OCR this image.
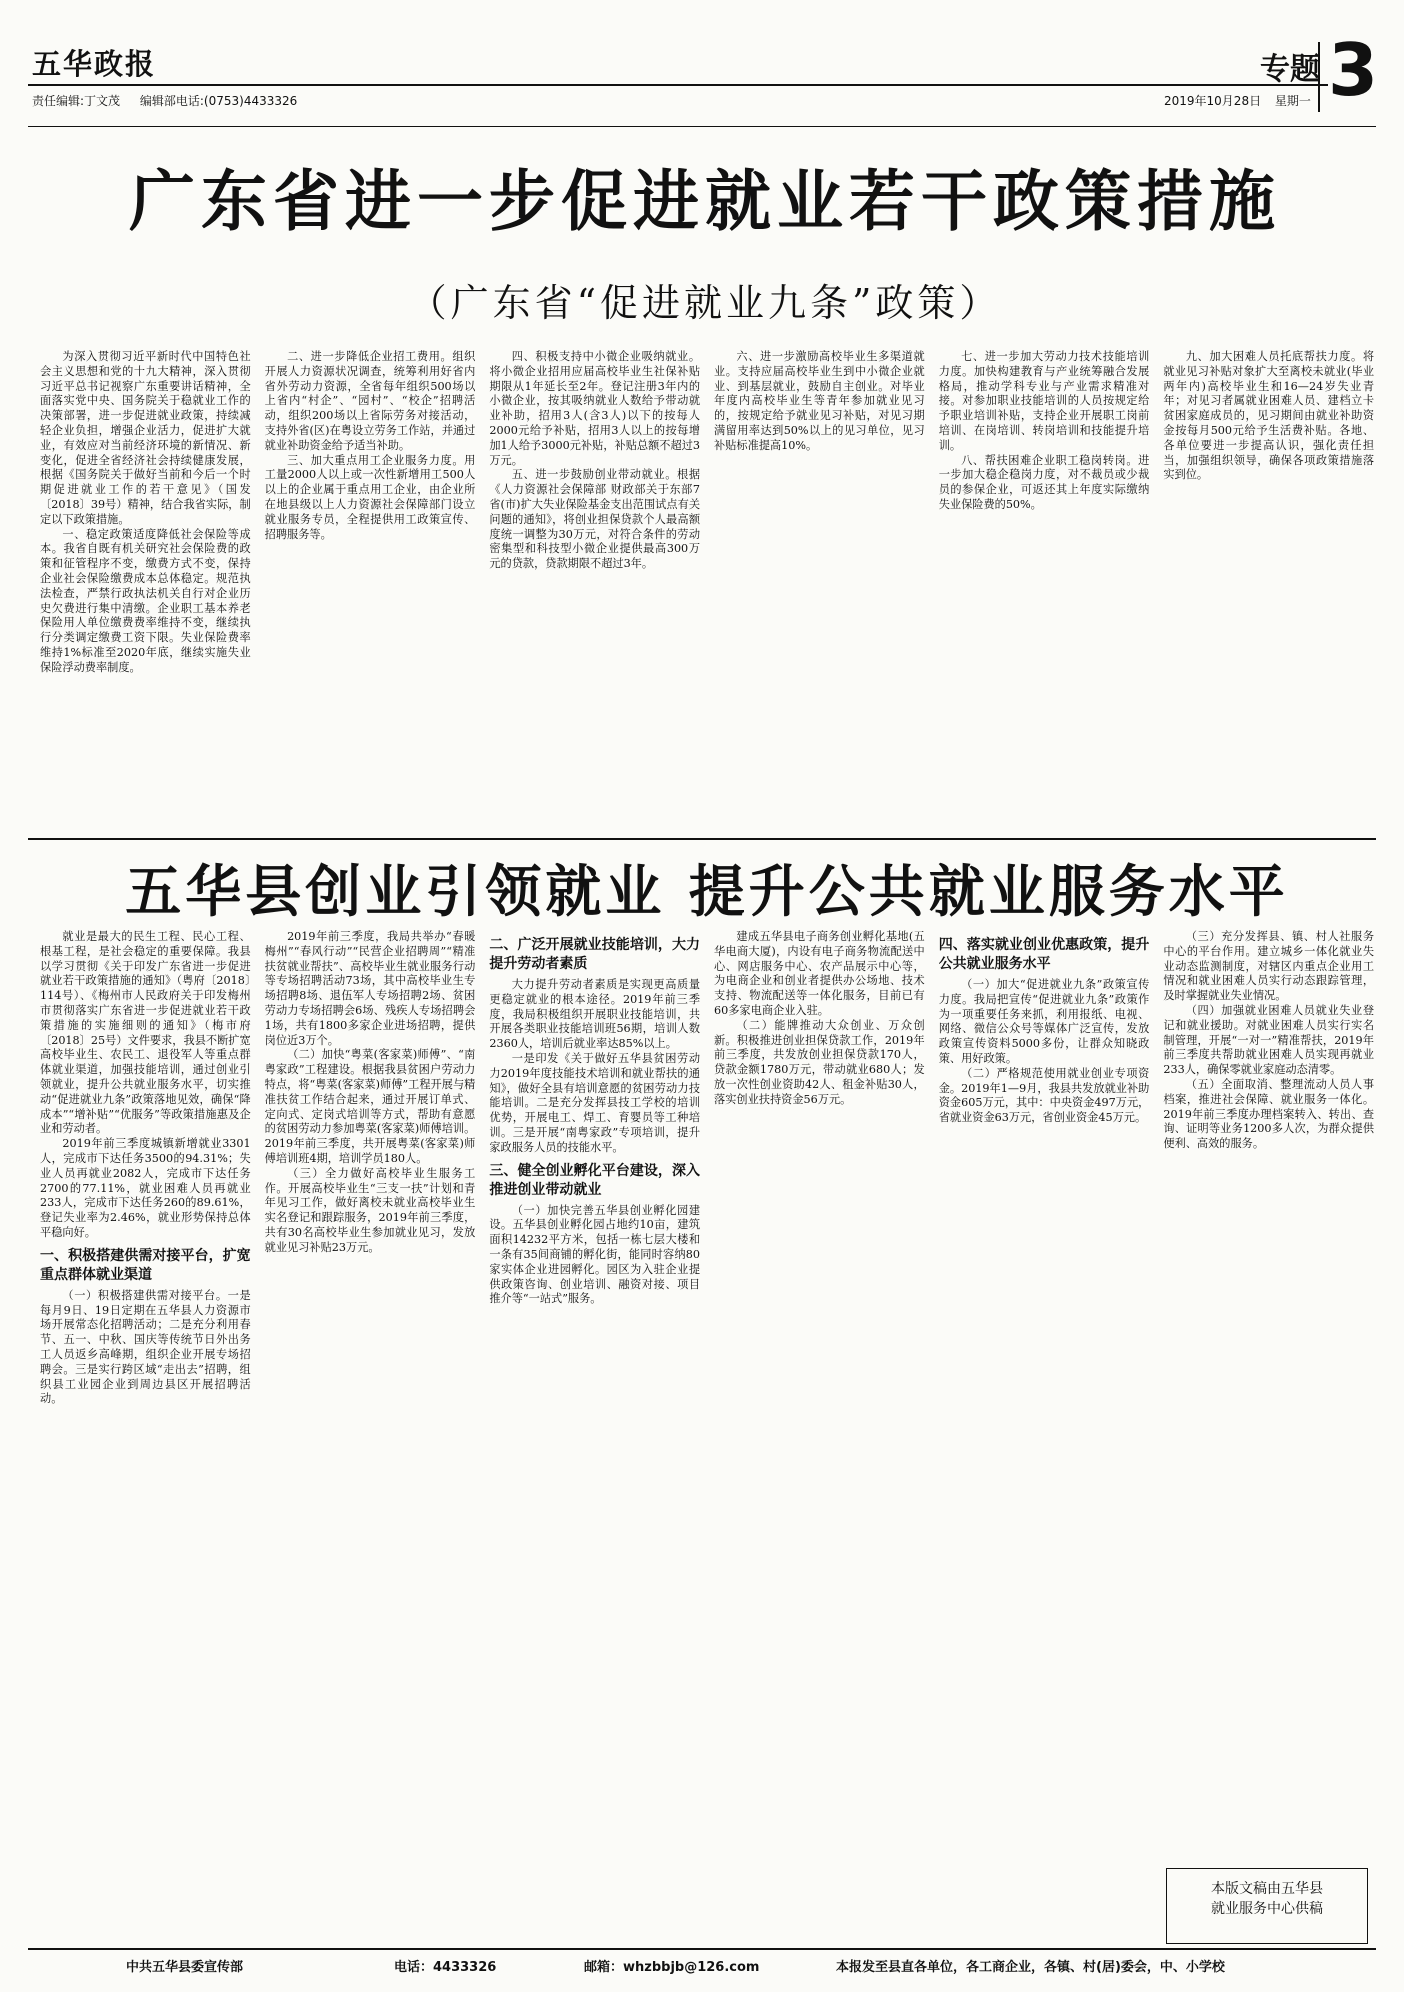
五华政报	专题 3
责任编辑:丁文茂 编辑部电话:(0753)4433326	2019年10月28日 星期一
广东省进一步促进就业若干政策措施
（广东省“促进就业九条”政策）

为深入贯彻习近平新时代中国特色社会主义思想和党的十九大精神，深入贯彻习近平总书记视察广东重要讲话精神，全面落实党中央、国务院关于稳就业工作的决策部署，进一步促进就业政策，持续减轻企业负担，增强企业活力，促进扩大就业，有效应对当前经济环境的新情况、新变化，促进全省经济社会持续健康发展，根据《国务院关于做好当前和今后一个时期促进就业工作的若干意见》（国发〔2018〕39号）精神，结合我省实际，制定以下政策措施。

一、稳定政策适度降低社会保险等成本。我省自既有机关研究社会保险费的政策和征管程序不变，缴费方式不变，保持企业社会保险缴费成本总体稳定。规范执法检查，严禁行政执法机关自行对企业历史欠费进行集中清缴。企业职工基本养老保险用人单位缴费费率维持不变，继续执行分类调定缴费工资下限。失业保险费率维持1%标准至2020年底，继续实施失业保险浮动费率制度。

二、进一步降低企业招工费用。组织开展人力资源状况调查，统筹利用好省内省外劳动力资源，全省每年组织500场以上省内“村企”、“园村”、“校企”招聘活动，组织200场以上省际劳务对接活动，支持外省(区)在粤设立劳务工作站，并通过就业补助资金给予适当补助。

三、加大重点用工企业服务力度。用工量2000人以上或一次性新增用工500人以上的企业属于重点用工企业，由企业所在地县级以上人力资源社会保障部门设立就业服务专员，全程提供用工政策宣传、招聘服务等。

四、积极支持中小微企业吸纳就业。将小微企业招用应届高校毕业生社保补贴期限从1年延长至2年。登记注册3年内的小微企业，按其吸纳就业人数给予带动就业补助，招用3人(含3人)以下的按每人2000元给予补贴，招用3人以上的按每增加1人给予3000元补贴，补贴总额不超过3万元。

五、进一步鼓励创业带动就业。根据《人力资源社会保障部 财政部关于东部7省(市)扩大失业保险基金支出范围试点有关问题的通知》，将创业担保贷款个人最高额度统一调整为30万元，对符合条件的劳动密集型和科技型小微企业提供最高300万元的贷款，贷款期限不超过3年。

六、进一步激励高校毕业生多渠道就业。支持应届高校毕业生到中小微企业就业、到基层就业，鼓励自主创业。对毕业年度内高校毕业生等青年参加就业见习的，按规定给予就业见习补贴，对见习期满留用率达到50%以上的见习单位，见习补贴标准提高10%。

七、进一步加大劳动力技术技能培训力度。加快构建教育与产业统筹融合发展格局，推动学科专业与产业需求精准对接。对参加职业技能培训的人员按规定给予职业培训补贴，支持企业开展职工岗前培训、在岗培训、转岗培训和技能提升培训。

八、帮扶困难企业职工稳岗转岗。进一步加大稳企稳岗力度，对不裁员或少裁员的参保企业，可返还其上年度实际缴纳失业保险费的50%。

九、加大困难人员托底帮扶力度。将就业见习补贴对象扩大至离校未就业(毕业两年内)高校毕业生和16—24岁失业青年；对见习者属就业困难人员、建档立卡贫困家庭成员的，见习期间由就业补助资金按每月500元给予生活费补贴。各地、各单位要进一步提高认识，强化责任担当，加强组织领导，确保各项政策措施落实到位。

五华县创业引领就业 提升公共就业服务水平

就业是最大的民生工程、民心工程、根基工程，是社会稳定的重要保障。我县以学习贯彻《关于印发广东省进一步促进就业若干政策措施的通知》（粤府〔2018〕114号）、《梅州市人民政府关于印发梅州市贯彻落实广东省进一步促进就业若干政策措施的实施细则的通知》（梅市府〔2018〕25号）文件要求，我县不断扩宽高校毕业生、农民工、退役军人等重点群体就业渠道，加强技能培训，通过创业引领就业，提升公共就业服务水平，切实推动“促进就业九条”政策落地见效，确保“降成本”“增补贴”“优服务”等政策措施惠及企业和劳动者。

2019年前三季度城镇新增就业3301人，完成市下达任务3500的94.31%；失业人员再就业2082人，完成市下达任务2700的77.11%，就业困难人员再就业233人，完成市下达任务260的89.61%，登记失业率为2.46%，就业形势保持总体平稳向好。

一、积极搭建供需对接平台，扩宽重点群体就业渠道

（一）积极搭建供需对接平台。一是每月9日、19日定期在五华县人力资源市场开展常态化招聘活动；二是充分利用春节、五一、中秋、国庆等传统节日外出务工人员返乡高峰期，组织企业开展专场招聘会。三是实行跨区域“走出去”招聘，组织县工业园企业到周边县区开展招聘活动。

2019年前三季度，我局共举办“春暖梅州”“春风行动”“民营企业招聘周”“精准扶贫就业帮扶”、高校毕业生就业服务行动等专场招聘活动73场，其中高校毕业生专场招聘8场、退伍军人专场招聘2场、贫困劳动力专场招聘会6场、残疾人专场招聘会1场，共有1800多家企业进场招聘，提供岗位近3万个。

（二）加快“粤菜(客家菜)师傅”、“南粤家政”工程建设。根据我县贫困户劳动力特点，将“粤菜(客家菜)师傅”工程开展与精准扶贫工作结合起来，通过开展订单式、定向式、定岗式培训等方式，帮助有意愿的贫困劳动力参加粤菜(客家菜)师傅培训。2019年前三季度，共开展粤菜(客家菜)师傅培训班4期，培训学员180人。

（三）全力做好高校毕业生服务工作。开展高校毕业生“三支一扶”计划和青年见习工作，做好离校未就业高校毕业生实名登记和跟踪服务，2019年前三季度，共有30名高校毕业生参加就业见习，发放就业见习补贴23万元。

二、广泛开展就业技能培训，大力提升劳动者素质

大力提升劳动者素质是实现更高质量更稳定就业的根本途径。2019年前三季度，我局积极组织开展职业技能培训，共开展各类职业技能培训班56期，培训人数2360人，培训后就业率达85%以上。

一是印发《关于做好五华县贫困劳动力2019年度技能技术培训和就业帮扶的通知》，做好全县有培训意愿的贫困劳动力技能培训。二是充分发挥县技工学校的培训优势，开展电工、焊工、育婴员等工种培训。三是开展“南粤家政”专项培训，提升家政服务人员的技能水平。

三、健全创业孵化平台建设，深入推进创业带动就业

（一）加快完善五华县创业孵化园建设。五华县创业孵化园占地约10亩，建筑面积14232平方米，包括一栋七层大楼和一条有35间商铺的孵化街，能同时容纳80家实体企业进园孵化。园区为入驻企业提供政策咨询、创业培训、融资对接、项目推介等“一站式”服务。

建成五华县电子商务创业孵化基地(五华电商大厦)，内设有电子商务物流配送中心、网店服务中心、农产品展示中心等，为电商企业和创业者提供办公场地、技术支持、物流配送等一体化服务，目前已有60多家电商企业入驻。

（二）能牌推动大众创业、万众创新。积极推进创业担保贷款工作，2019年前三季度，共发放创业担保贷款170人，贷款金额1780万元，带动就业680人；发放一次性创业资助42人、租金补贴30人，落实创业扶持资金56万元。

四、落实就业创业优惠政策，提升公共就业服务水平

（一）加大“促进就业九条”政策宣传力度。我局把宣传“促进就业九条”政策作为一项重要任务来抓，利用报纸、电视、网络、微信公众号等媒体广泛宣传，发放政策宣传资料5000多份，让群众知晓政策、用好政策。

（二）严格规范使用就业创业专项资金。2019年1—9月，我县共发放就业补助资金605万元，其中：中央资金497万元，省就业资金63万元，省创业资金45万元。

（三）充分发挥县、镇、村人社服务中心的平台作用。建立城乡一体化就业失业动态监测制度，对辖区内重点企业用工情况和就业困难人员实行动态跟踪管理，及时掌握就业失业情况。

（四）加强就业困难人员就业失业登记和就业援助。对就业困难人员实行实名制管理，开展“一对一”精准帮扶，2019年前三季度共帮助就业困难人员实现再就业233人，确保零就业家庭动态清零。

（五）全面取消、整理流动人员人事档案，推进社会保障、就业服务一体化。2019年前三季度办理档案转入、转出、查询、证明等业务1200多人次，为群众提供便利、高效的服务。

本版文稿由五华县
就业服务中心供稿
中共五华县委宣传部	电话：4433326	邮箱：whzbbjb@126.com	本报发至县直各单位，各工商企业，各镇、村(居)委会，中、小学校
